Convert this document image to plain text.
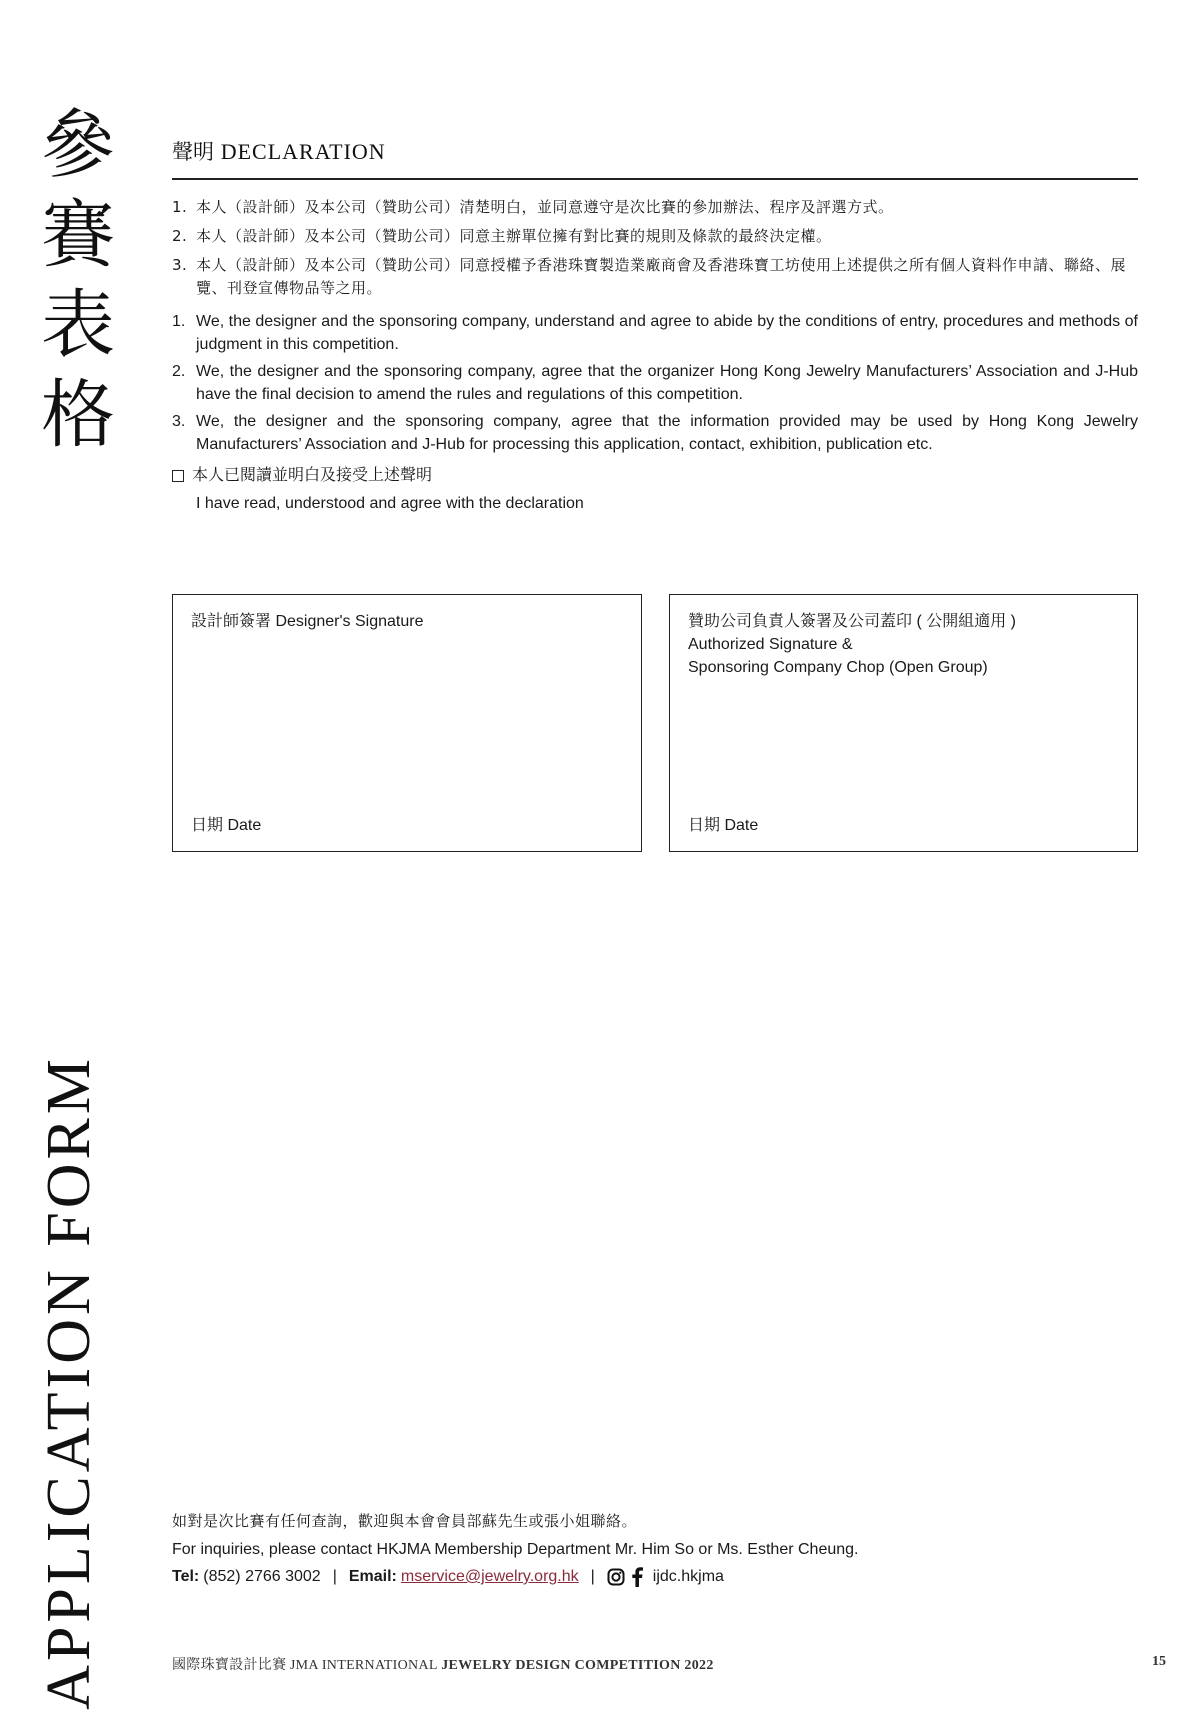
參
賽
表
格
APPLICATION FORM
聲明 DECLARATION
1. 本人（設計師）及本公司（贊助公司）清楚明白，並同意遵守是次比賽的參加辦法、程序及評選方式。
2. 本人（設計師）及本公司（贊助公司）同意主辦單位擁有對比賽的規則及條款的最終決定權。
3. 本人（設計師）及本公司（贊助公司）同意授權予香港珠寶製造業廠商會及香港珠寶工坊使用上述提供之所有個人資料作申請、聯絡、展覽、刊登宣傳物品等之用。
1. We, the designer and the sponsoring company, understand and agree to abide by the conditions of entry, procedures and methods of judgment in this competition.
2. We, the designer and the sponsoring company, agree that the organizer Hong Kong Jewelry Manufacturers’ Association and J-Hub have the final decision to amend the rules and regulations of this competition.
3. We, the designer and the sponsoring company, agree that the information provided may be used by Hong Kong Jewelry Manufacturers’ Association and J-Hub for processing this application, contact, exhibition, publication etc.
本人已閱讀並明白及接受上述聲明
I have read, understood and agree with the declaration
設計師簽署 Designer's Signature
日期 Date
贊助公司負責人簽署及公司蓋印 ( 公開組適用 )
Authorized Signature &
Sponsoring Company Chop (Open Group)
日期 Date
如對是次比賽有任何查詢，歡迎與本會會員部蘇先生或張小姐聯絡。
For inquiries, please contact HKJMA Membership Department Mr. Him So or Ms. Esther Cheung.
Tel: (852) 2766 3002 | Email: mservice@jewelry.org.hk |	ijdc.hkjma
國際珠寶設計比賽 JMA INTERNATIONAL JEWELRY DESIGN COMPETITION 2022	15
